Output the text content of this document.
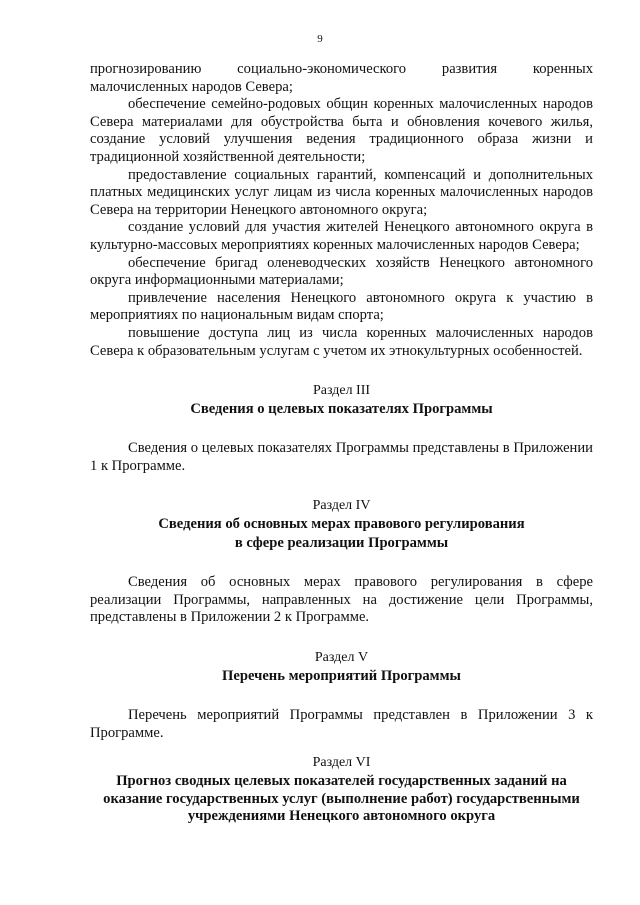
9

прогнозированию социально-экономического развития коренных малочисленных народов Севера;

обеспечение семейно-родовых общин коренных малочисленных народов Севера материалами для обустройства быта и обновления кочевого жилья, создание условий улучшения ведения традиционного образа жизни и традиционной хозяйственной деятельности;

предоставление социальных гарантий, компенсаций и дополнительных платных медицинских услуг лицам из числа коренных малочисленных народов Севера на территории Ненецкого автономного округа;

создание условий для участия жителей Ненецкого автономного округа в культурно-массовых мероприятиях коренных малочисленных народов Севера;

обеспечение бригад оленеводческих хозяйств Ненецкого автономного округа информационными материалами;

привлечение населения Ненецкого автономного округа к участию в мероприятиях по национальным видам спорта;

повышение доступа лиц из числа коренных малочисленных народов Севера к образовательным услугам с учетом их этнокультурных особенностей.

Раздел III
Сведения о целевых показателях Программы

Сведения о целевых показателях Программы представлены в Приложении 1 к Программе.

Раздел IV
Сведения об основных мерах правового регулирования
в сфере реализации Программы

Сведения об основных мерах правового регулирования в сфере реализации Программы, направленных на достижение цели Программы, представлены в Приложении 2 к Программе.

Раздел V
Перечень мероприятий Программы

Перечень мероприятий Программы представлен в Приложении 3 к Программе.

Раздел VI
Прогноз сводных целевых показателей государственных заданий на
оказание государственных услуг (выполнение работ) государственными
учреждениями Ненецкого автономного округа
